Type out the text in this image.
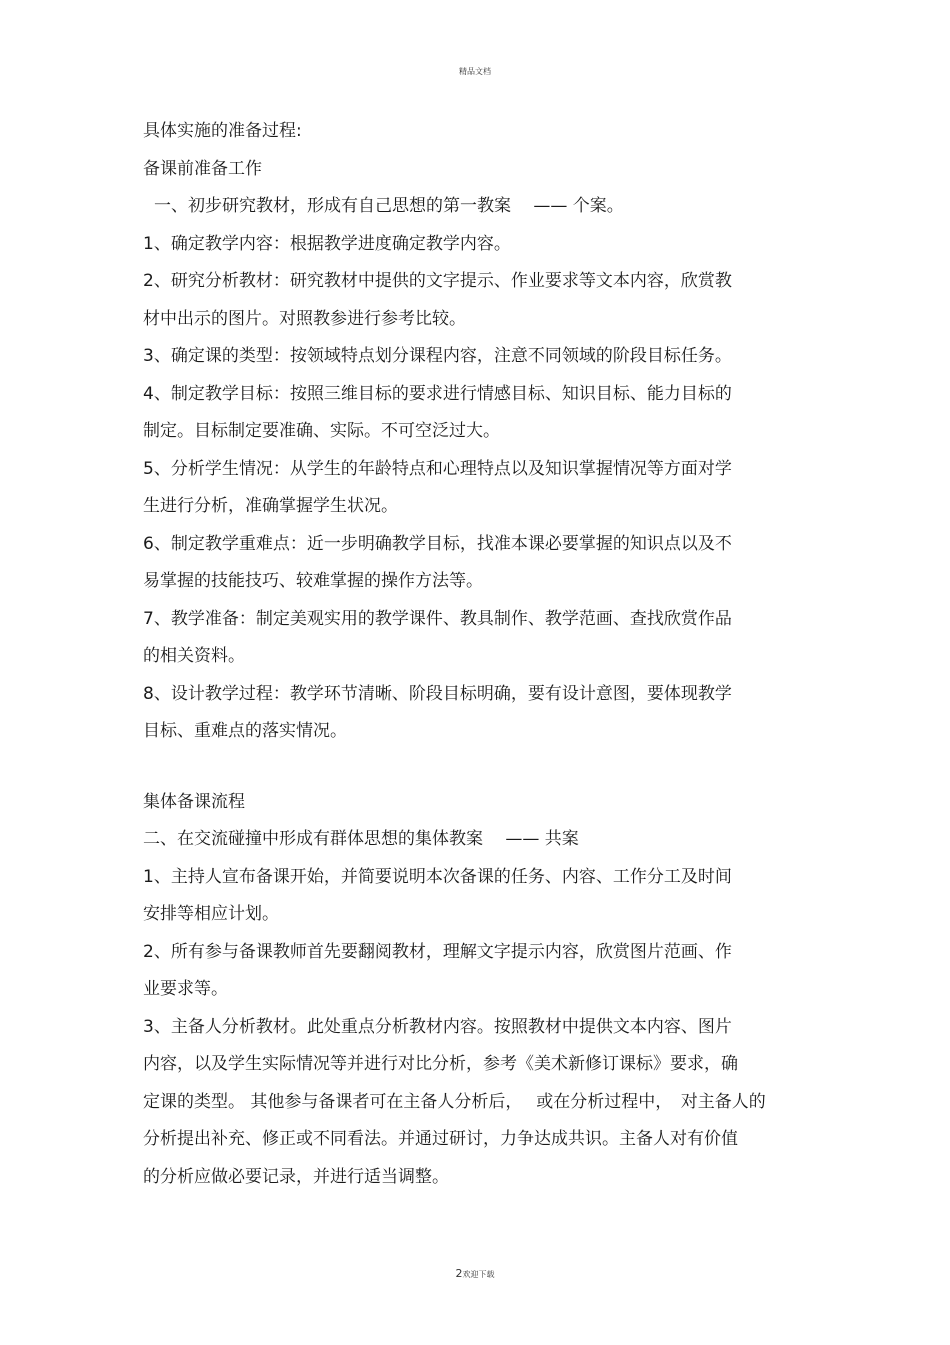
精品文档
具体实施的准备过程:
备课前准备工作
一、初步研究教材，形成有自己思想的第一教案　 —— 个案。
1、确定教学内容：根据教学进度确定教学内容。
2、研究分析教材：研究教材中提供的文字提示、作业要求等文本内容，欣赏教
材中出示的图片。对照教参进行参考比较。
3、确定课的类型：按领域特点划分课程内容，注意不同领域的阶段目标任务。
4、制定教学目标：按照三维目标的要求进行情感目标、知识目标、能力目标的
制定。目标制定要准确、实际。不可空泛过大。
5、分析学生情况：从学生的年龄特点和心理特点以及知识掌握情况等方面对学
生进行分析，准确掌握学生状况。
6、制定教学重难点：近一步明确教学目标，找准本课必要掌握的知识点以及不
易掌握的技能技巧、较难掌握的操作方法等。
7、教学准备：制定美观实用的教学课件、教具制作、教学范画、查找欣赏作品
的相关资料。
8、设计教学过程：教学环节清晰、阶段目标明确，要有设计意图，要体现教学
目标、重难点的落实情况。
集体备课流程
二、在交流碰撞中形成有群体思想的集体教案　 —— 共案
1、主持人宣布备课开始，并简要说明本次备课的任务、内容、工作分工及时间
安排等相应计划。
2、所有参与备课教师首先要翻阅教材，理解文字提示内容，欣赏图片范画、作
业要求等。
3、主备人分析教材。此处重点分析教材内容。按照教材中提供文本内容、图片
内容，以及学生实际情况等并进行对比分析，参考《美术新修订课标》要求，确
定课的类型。 其他参与备课者可在主备人分析后，　 或在分析过程中，　对主备人的
分析提出补充、修正或不同看法。并通过研讨，力争达成共识。主备人对有价值
的分析应做必要记录，并进行适当调整。
2欢迎下载
